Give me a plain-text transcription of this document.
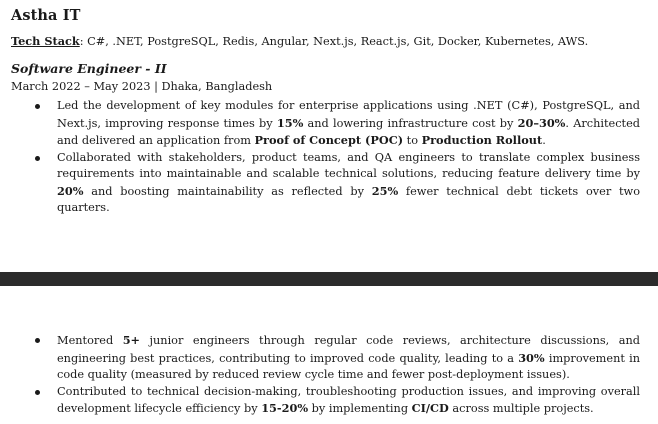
Astha IT
Tech Stack: C#, .NET, PostgreSQL, Redis, Angular, Next.js, React.js, Git, Docker, Kubernetes, AWS.
Software Engineer - II
March 2022 – May 2023 | Dhaka, Bangladesh
Led the development of key modules for enterprise applications using .NET (C#), PostgreSQL, and Next.js, improving response times by 15% and lowering infrastructure cost by 20–30%. Architected and delivered an application from Proof of Concept (POC) to Production Rollout.
Collaborated with stakeholders, product teams, and QA engineers to translate complex business requirements into maintainable and scalable technical solutions, reducing feature delivery time by 20% and boosting maintainability as reflected by 25% fewer technical debt tickets over two quarters.
Mentored 5+ junior engineers through regular code reviews, architecture discussions, and engineering best practices, contributing to improved code quality, leading to a 30% improvement in code quality (measured by reduced review cycle time and fewer post-deployment issues).
Contributed to technical decision-making, troubleshooting production issues, and improving overall development lifecycle efficiency by 15-20% by implementing CI/CD across multiple projects.
